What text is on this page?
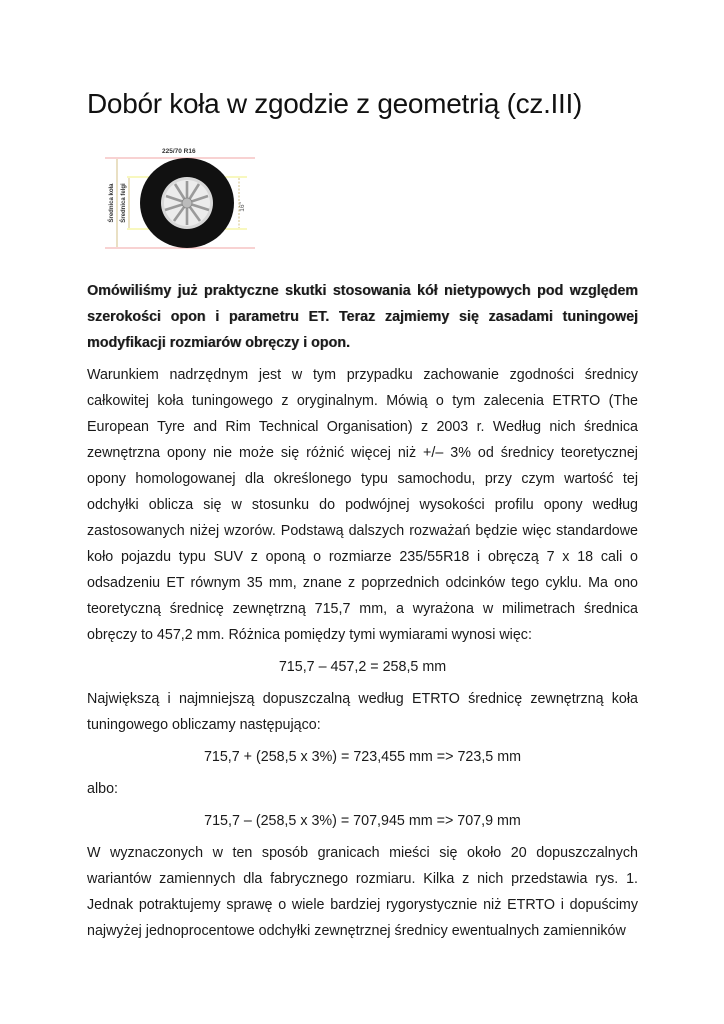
Dobór koła w zgodzie z geometrią (cz.III)
225/70 R16
16"
Średnica koła Średnica felgi

Omówiliśmy już praktyczne skutki stosowania kół nietypowych pod względem szerokości opon i parametru ET. Teraz zajmiemy się zasadami tuningowej modyfikacji rozmiarów obręczy i opon.

Warunkiem nadrzędnym jest w tym przypadku zachowanie zgodności średnicy całkowitej koła tuningowego z oryginalnym. Mówią o tym zalecenia ETRTO (The European Tyre and Rim Technical Organisation) z 2003 r. Według nich średnica zewnętrzna opony nie może się różnić więcej niż +/– 3% od średnicy teoretycznej opony homologowanej dla określonego typu samochodu, przy czym wartość tej odchyłki oblicza się w stosunku do podwójnej wysokości profilu opony według zastosowanych niżej wzorów. Podstawą dalszych rozważań będzie więc standardowe koło pojazdu typu SUV z oponą o rozmiarze 235/55R18 i obręczą 7 x 18 cali o odsadzeniu ET równym 35 mm, znane z poprzednich odcinków tego cyklu. Ma ono teoretyczną średnicę zewnętrzną 715,7 mm, a wyrażona w milimetrach średnica obręczy to 457,2 mm. Różnica pomiędzy tymi wymiarami wynosi więc:

715,7 – 457,2 = 258,5 mm

Największą i najmniejszą dopuszczalną według ETRTO średnicę zewnętrzną koła tuningowego obliczamy następująco:

715,7 + (258,5 x 3%) = 723,455 mm => 723,5 mm

albo:

715,7 – (258,5 x 3%) = 707,945 mm => 707,9 mm

W wyznaczonych w ten sposób granicach mieści się około 20 dopuszczalnych wariantów zamiennych dla fabrycznego rozmiaru. Kilka z nich przedstawia rys. 1. Jednak potraktujemy sprawę o wiele bardziej rygorystycznie niż ETRTO i dopuścimy najwyżej jednoprocentowe odchyłki zewnętrznej średnicy ewentualnych zamienników
